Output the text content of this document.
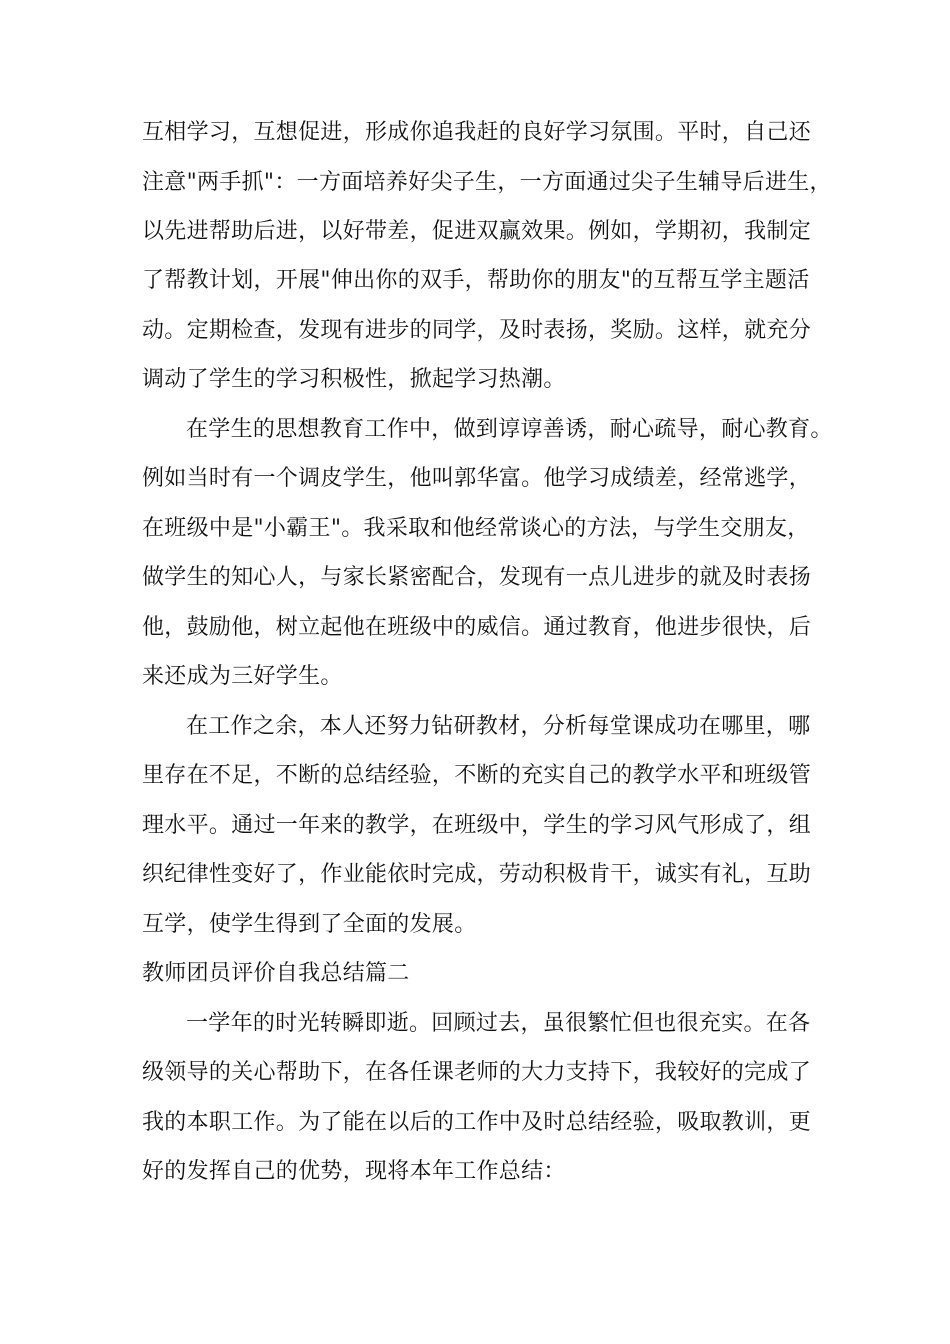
互相学习，互想促进，形成你追我赶的良好学习氛围。平时，自己还
注意"两手抓"：一方面培养好尖子生，一方面通过尖子生辅导后进生，
以先进帮助后进，以好带差，促进双赢效果。例如，学期初，我制定
了帮教计划，开展"伸出你的双手，帮助你的朋友"的互帮互学主题活
动。定期检查，发现有进步的同学，及时表扬，奖励。这样，就充分
调动了学生的学习积极性，掀起学习热潮。
在学生的思想教育工作中，做到谆谆善诱，耐心疏导，耐心教育。
例如当时有一个调皮学生，他叫郭华富。他学习成绩差，经常逃学，
在班级中是"小霸王"。我采取和他经常谈心的方法，与学生交朋友，
做学生的知心人，与家长紧密配合，发现有一点儿进步的就及时表扬
他，鼓励他，树立起他在班级中的威信。通过教育，他进步很快，后
来还成为三好学生。
在工作之余，本人还努力钻研教材，分析每堂课成功在哪里，哪
里存在不足，不断的总结经验，不断的充实自己的教学水平和班级管
理水平。通过一年来的教学，在班级中，学生的学习风气形成了，组
织纪律性变好了，作业能依时完成，劳动积极肯干，诚实有礼，互助
互学，使学生得到了全面的发展。
教师团员评价自我总结篇二
一学年的时光转瞬即逝。回顾过去，虽很繁忙但也很充实。在各
级领导的关心帮助下，在各任课老师的大力支持下，我较好的完成了
我的本职工作。为了能在以后的工作中及时总结经验，吸取教训，更
好的发挥自己的优势，现将本年工作总结：
